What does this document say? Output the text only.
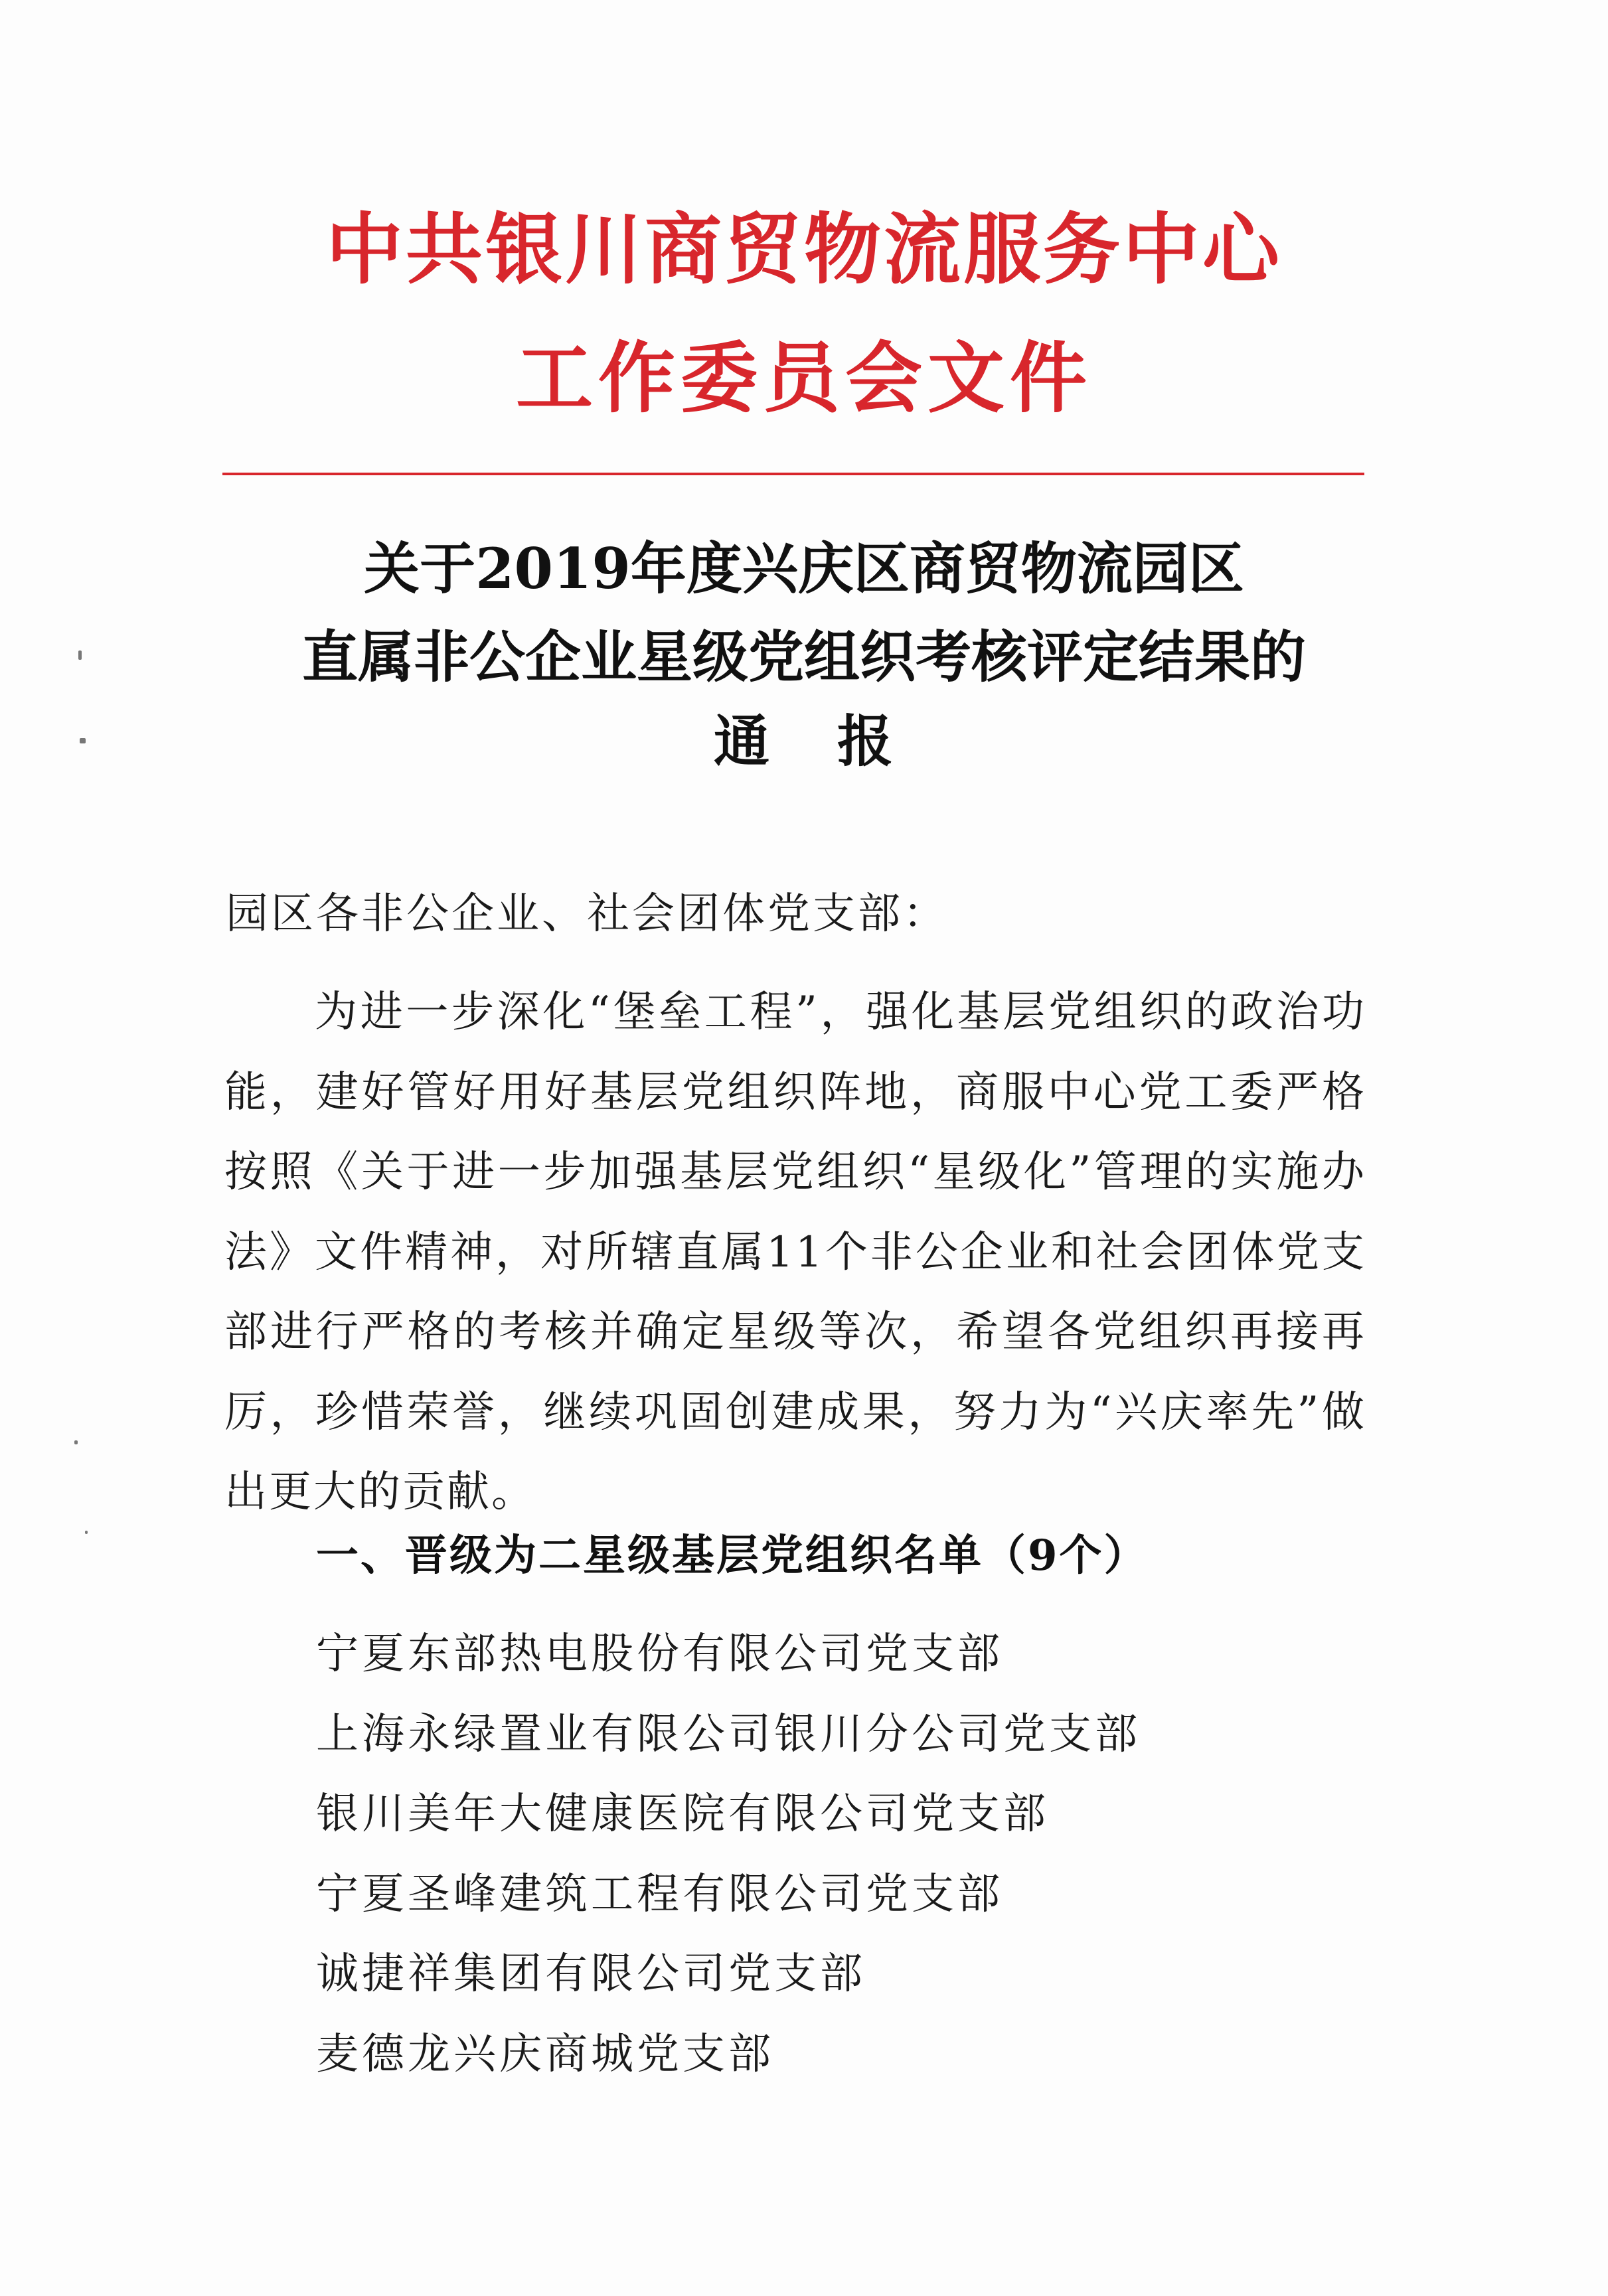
中共银川商贸物流服务中心
工作委员会文件
关于2019年度兴庆区商贸物流园区
直属非公企业星级党组织考核评定结果的
通 报
园区各非公企业、社会团体党支部：
为进一步深化“堡垒工程”，强化基层党组织的政治功能，建好管好用好基层党组织阵地，商服中心党工委严格按照《关于进一步加强基层党组织“星级化”管理的实施办法》文件精神，对所辖直属11个非公企业和社会团体党支部进行严格的考核并确定星级等次，希望各党组织再接再厉，珍惜荣誉，继续巩固创建成果，努力为“兴庆率先”做出更大的贡献。
一、晋级为二星级基层党组织名单（9个）
宁夏东部热电股份有限公司党支部
上海永绿置业有限公司银川分公司党支部
银川美年大健康医院有限公司党支部
宁夏圣峰建筑工程有限公司党支部
诚捷祥集团有限公司党支部
麦德龙兴庆商城党支部
